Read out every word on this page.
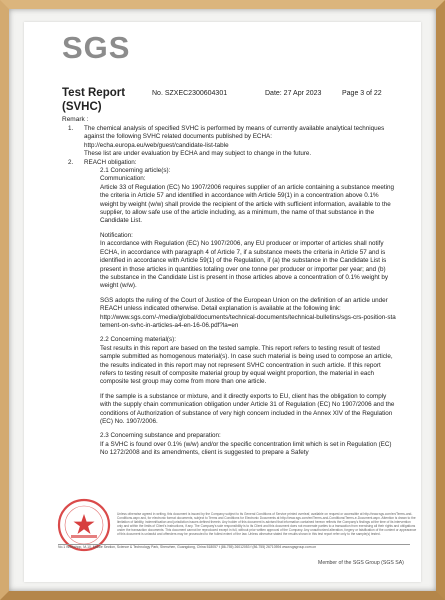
SGS
Test Report
(SVHC)
No. SZXEC2300604301	Date: 27 Apr 2023	Page 3 of 22
Remark :
1. The chemical analysis of specified SVHC is performed by means of currently available analytical techniques against the following SVHC related documents published by ECHA:
http://echa.europa.eu/web/guest/candidate-list-table
These list are under evaluation by ECHA and may subject to change in the future.
2. REACH obligation:
2.1 Concerning article(s):
Communication:

Article 33 of Regulation (EC) No 1907/2006 requires supplier of an article containing a substance meeting the criteria in Article 57 and identified in accordance with Article 59(1) in a concentration above 0.1% weight by weight (w/w) shall provide the recipient of the article with sufficient information, available to the supplier, to allow safe use of the article including, as a minimum, the name of that substance in the Candidate List.

Notification:

In accordance with Regulation (EC) No 1907/2006, any EU producer or importer of articles shall notify ECHA, in accordance with paragraph 4 of Article 7, if a substance meets the criteria in Article 57 and is identified in accordance with Article 59(1) of the Regulation, if (a) the substance in the Candidate List is present in those articles in quantities totaling over one tonne per producer or importer per year; and (b) the substance in the Candidate List is present in those articles above a concentration of 0.1% weight by weight (w/w).

SGS adopts the ruling of the Court of Justice of the European Union on the definition of an article under REACH unless indicated otherwise. Detail explanation is available at the following link:

http://www.sgs.com/-/media/global/documents/technical-documents/technical-bulletins/sgs-crs-position-statement-on-svhc-in-articles-a4-en-16-06.pdf?la=en

2.2 Concerning material(s):

Test results in this report are based on the tested sample. This report refers to testing result of tested sample submitted as homogenous material(s). In case such material is being used to compose an article, the results indicated in this report may not represent SVHC concentration in such article. If this report refers to testing result of composite material group by equal weight proportion, the material in each composite test group may come from more than one article.

If the sample is a substance or mixture, and it directly exports to EU, client has the obligation to comply with the supply chain communication obligation under Article 31 of Regulation (EC) No 1907/2006 and the conditions of Authorization of substance of very high concern included in the Annex XIV of the Regulation (EC) No. 1907/2006.

2.3 Concerning substance and preparation:
If a SVHC is found over 0.1% (w/w) and/or the specific concentration limit which is set in Regulation (EC) No 1272/2008 and its amendments, client is suggested to prepare a Safety
Unless otherwise agreed in writing, this document is issued by the Company subject to its General Conditions of Service printed overleaf, available on request or accessible at http://www.sgs.com/en/Terms-and-Conditions.aspx and, for electronic format documents, subject to Terms and Conditions for Electronic Documents at http://www.sgs.com/en/Terms-and-Conditions/Terms-e-Document.aspx. Attention is drawn to the limitation of liability, indemnification and jurisdiction issues defined therein. Any holder of this document is advised that information contained hereon reflects the Company's findings at the time of its intervention only and within the limits of Client's instructions, if any. The Company's sole responsibility is to its Client and this document does not exonerate parties to a transaction from exercising all their rights and obligations under the transaction documents. This document cannot be reproduced except in full, without prior written approval of the Company. Any unauthorized alteration, forgery or falsification of the content or appearance of this document is unlawful and offenders may be prosecuted to the fullest extent of the law. Unless otherwise stated the results shown in this test report refer only to the sample(s) tested.
No.1 Workshop, M-10, Middle Section, Science & Technology Park, Shenzhen, Guangdong, China 518057 t (86-755) 26012053 f (86-755) 26710594 www.sgsgroup.com.cn
Member of the SGS Group (SGS SA)
